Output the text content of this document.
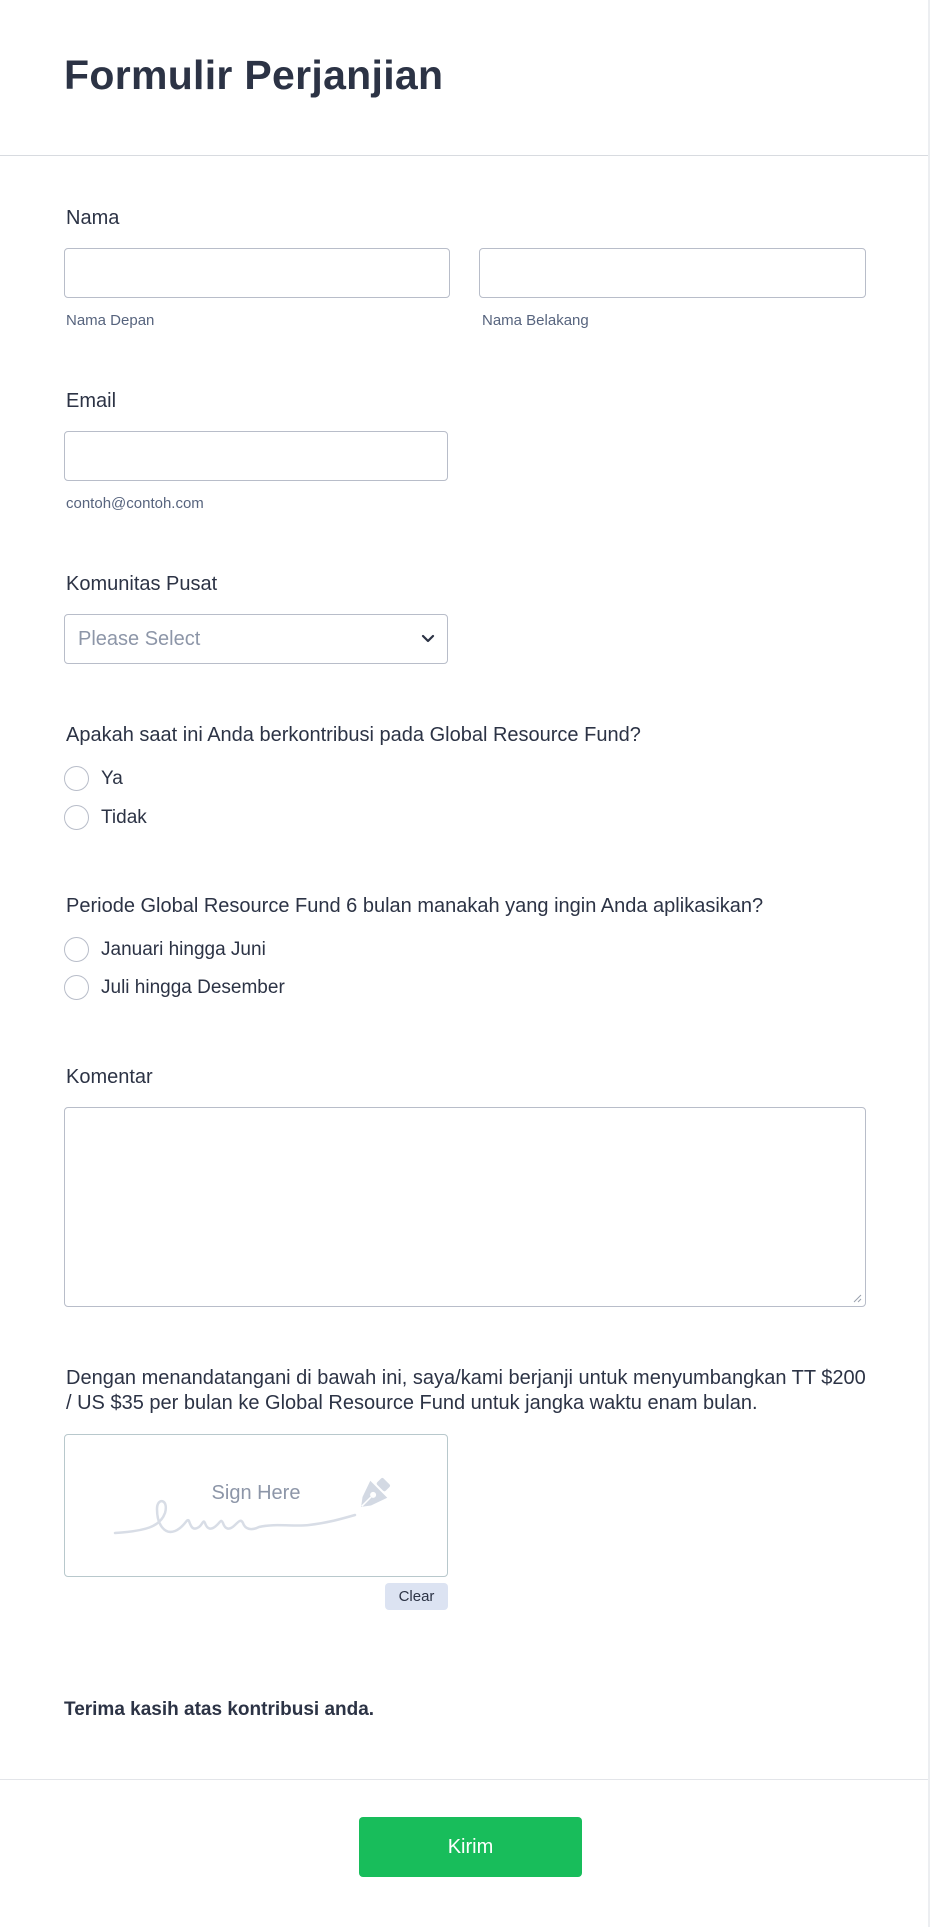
Formulir Perjanjian
Nama
Nama Depan	Nama Belakang
Email
contoh@contoh.com
Komunitas Pusat
Please Select
Apakah saat ini Anda berkontribusi pada Global Resource Fund?
Ya
Tidak
Periode Global Resource Fund 6 bulan manakah yang ingin Anda aplikasikan?
Januari hingga Juni
Juli hingga Desember
Komentar
Dengan menandatangani di bawah ini, saya/kami berjanji untuk menyumbangkan TT $200 / US $35 per bulan ke Global Resource Fund untuk jangka waktu enam bulan.
Sign Here
Clear
Terima kasih atas kontribusi anda.
Kirim
